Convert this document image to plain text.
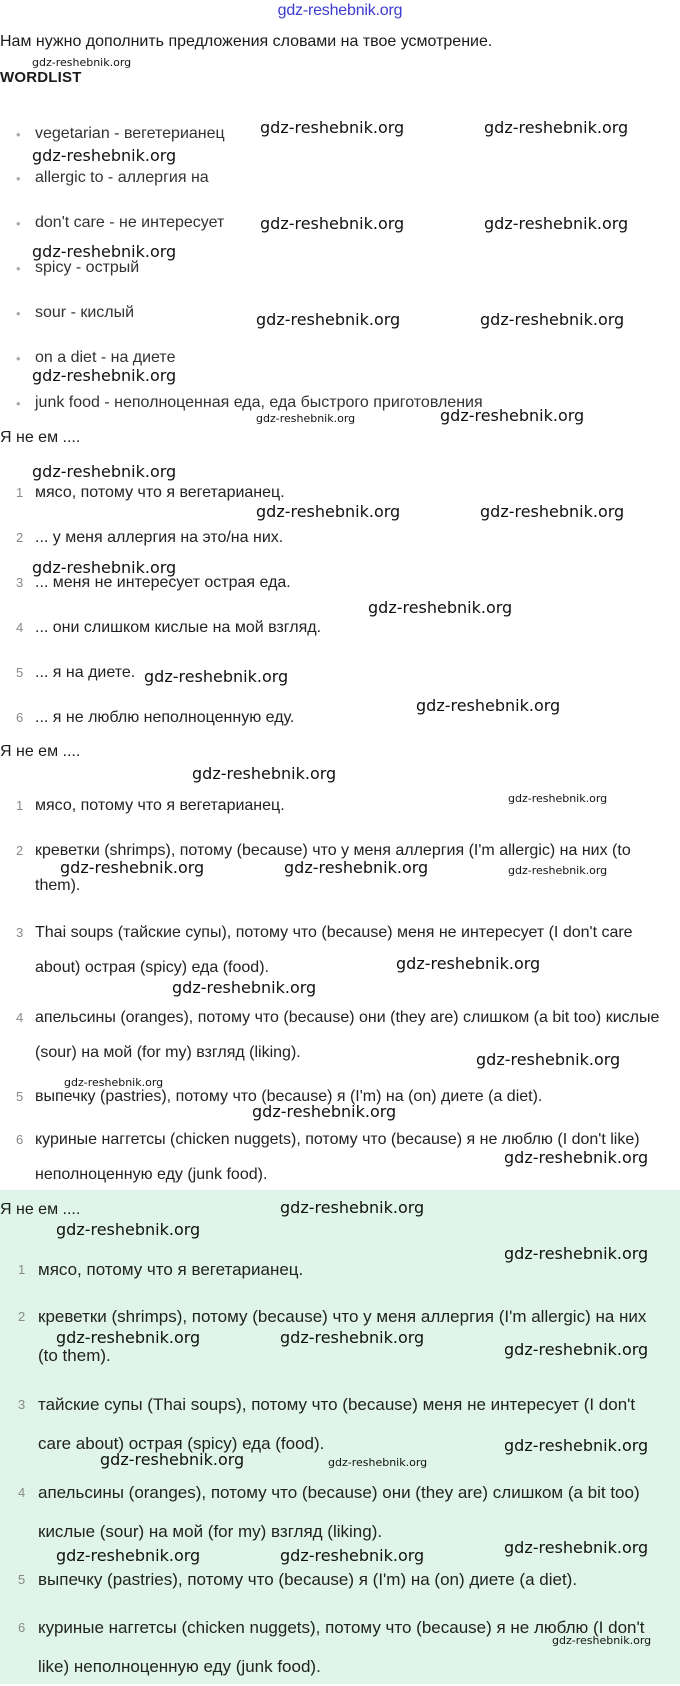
gdz-reshebnik.org
Нам нужно дополнить предложения словами на твое усмотрение.
WORDLIST
• vegetarian - вегетерианец
• allergic to - аллергия на
• don't care - не интересует
• spicy - острый
• sour - кислый
• on a diet - на диете
• junk food - неполноценная еда, еда быстрого приготовления
Я не ем ....
1 мясо, потому что я вегетарианец.
2 ... у меня аллергия на это/на них.
3 ... меня не интересует острая еда.
4 ... они слишком кислые на мой взгляд.
5 ... я на диете.
6 ... я не люблю неполноценную еду.
Я не ем ....
1 мясо, потому что я вегетарианец.
2 креветки (shrimps), потому (because) что у меня аллергия (I'm allergic) на них (to them).
3 Thai soups (тайские супы), потому что (because) меня не интересует (I don't care about) острая (spicy) еда (food).
4 апельсины (oranges), потому что (because) они (they are) слишком (a bit too) кислые (sour) на мой (for my) взгляд (liking).
5 выпечку (pastries), потому что (because) я (I'm) на (on) диете (a diet).
6 куриные наггетсы (chicken nuggets), потому что (because) я не люблю (I don't like) неполноценную еду (junk food).
Я не ем ....
1 мясо, потому что я вегетарианец.
2 креветки (shrimps), потому (because) что у меня аллергия (I'm allergic) на них (to them).
3 тайские супы (Thai soups), потому что (because) меня не интересует (I don't care about) острая (spicy) еда (food).
4 апельсины (oranges), потому что (because) они (they are) слишком (a bit too) кислые (sour) на мой (for my) взгляд (liking).
5 выпечку (pastries), потому что (because) я (I'm) на (on) диете (a diet).
6 куриные наггетсы (chicken nuggets), потому что (because) я не люблю (I don't like) неполноценную еду (junk food).
gdz-reshebnik.org
gdz-reshebnik.org	gdz-reshebnik.org
gdz-reshebnik.org
gdz-reshebnik.org	gdz-reshebnik.org
gdz-reshebnik.org
gdz-reshebnik.org	gdz-reshebnik.org
gdz-reshebnik.org
gdz-reshebnik.org	gdz-reshebnik.org
gdz-reshebnik.org
gdz-reshebnik.org	gdz-reshebnik.org
gdz-reshebnik.org
gdz-reshebnik.org
gdz-reshebnik.org
gdz-reshebnik.org
gdz-reshebnik.org
gdz-reshebnik.org
gdz-reshebnik.org	gdz-reshebnik.org	gdz-reshebnik.org
gdz-reshebnik.org
gdz-reshebnik.org
gdz-reshebnik.org
gdz-reshebnik.org
gdz-reshebnik.org
gdz-reshebnik.org
gdz-reshebnik.org
gdz-reshebnik.org
gdz-reshebnik.org
gdz-reshebnik.org	gdz-reshebnik.org
gdz-reshebnik.org
gdz-reshebnik.org
gdz-reshebnik.org	gdz-reshebnik.org
gdz-reshebnik.org	gdz-reshebnik.org	gdz-reshebnik.org
gdz-reshebnik.org
